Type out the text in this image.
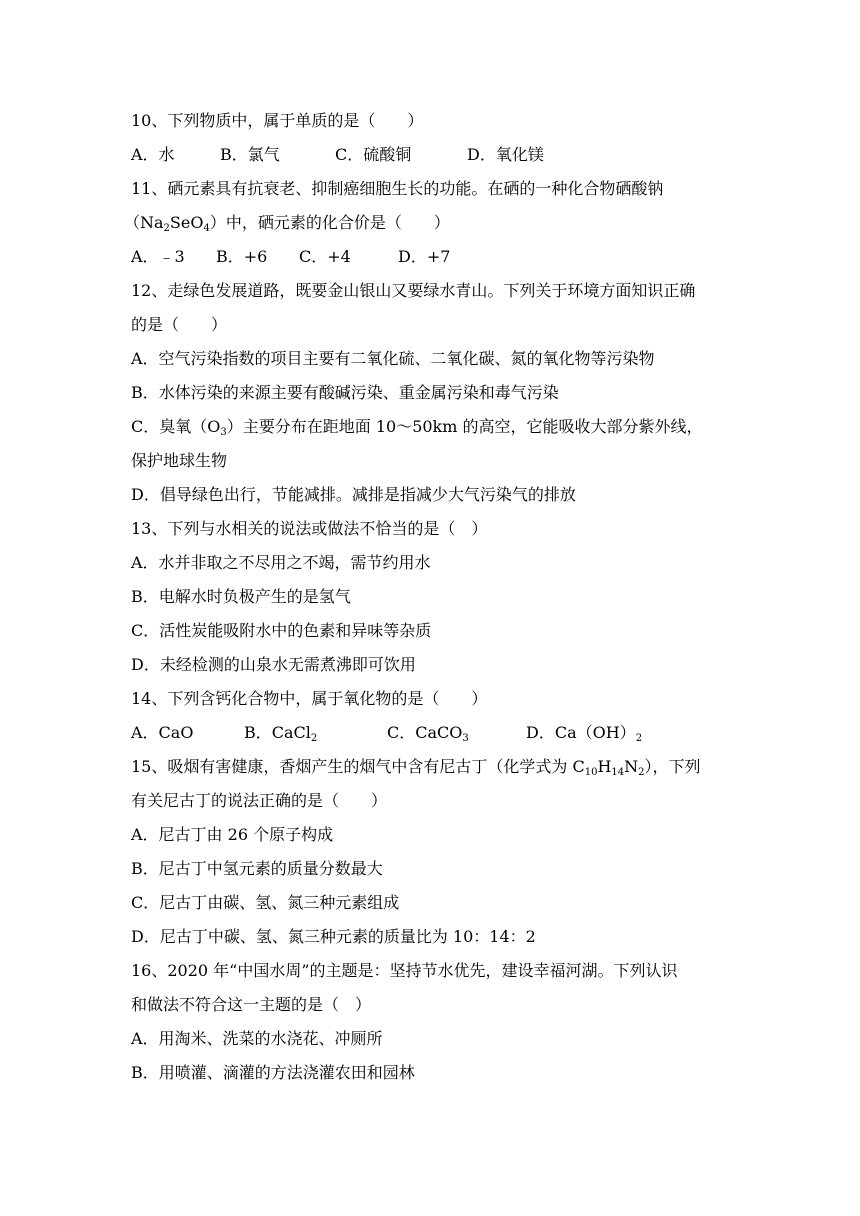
10、下列物质中，属于单质的是（　　）
A．水	B．氯气	C．硫酸铜	D．氧化镁
11、硒元素具有抗衰老、抑制癌细胞生长的功能。在硒的一种化合物硒酸钠
$(Na_2SeO_4)$中，硒元素的化合价是（　　）
A．﹣3 B．+6 C．+4	D．+7
12、走绿色发展道路，既要金山银山又要绿水青山。下列关于环境方面知识正确
的是（　　）
A．空气污染指数的项目主要有二氧化硫、二氧化碳、氮的氧化物等污染物
B．水体污染的来源主要有酸碱污染、重金属污染和毒气污染
C．臭氧$(O_3)$主要分布在距地面 10～50km 的高空，它能吸收大部分紫外线，
保护地球生物
D．倡导绿色出行，节能减排。减排是指减少大气污染气的排放
13、下列与水相关的说法或做法不恰当的是（　）
A．水并非取之不尽用之不竭，需节约用水
B．电解水时负极产生的是氢气
C．活性炭能吸附水中的色素和异味等杂质
D．未经检测的山泉水无需煮沸即可饮用
14、下列含钙化合物中，属于氧化物的是（　　）
A．CaO	B．CaCl$_2$	C．CaCO$_3$	D．$Ca(OH)_2$
15、吸烟有害健康，香烟产生的烟气中含有尼古丁（化学式为 $C_{10}H_{14}N_2$），下列
有关尼古丁的说法正确的是（　　）
A．尼古丁由 26 个原子构成
B．尼古丁中氢元素的质量分数最大
C．尼古丁由碳、氢、氮三种元素组成
D．尼古丁中碳、氢、氮三种元素的质量比为 10：14：2
16、2020 年“中国水周”的主题是：坚持节水优先，建设幸福河湖。下列认识
和做法不符合这一主题的是（　）
A．用淘米、洗菜的水浇花、冲厕所
B．用喷灌、滴灌的方法浇灌农田和园林
